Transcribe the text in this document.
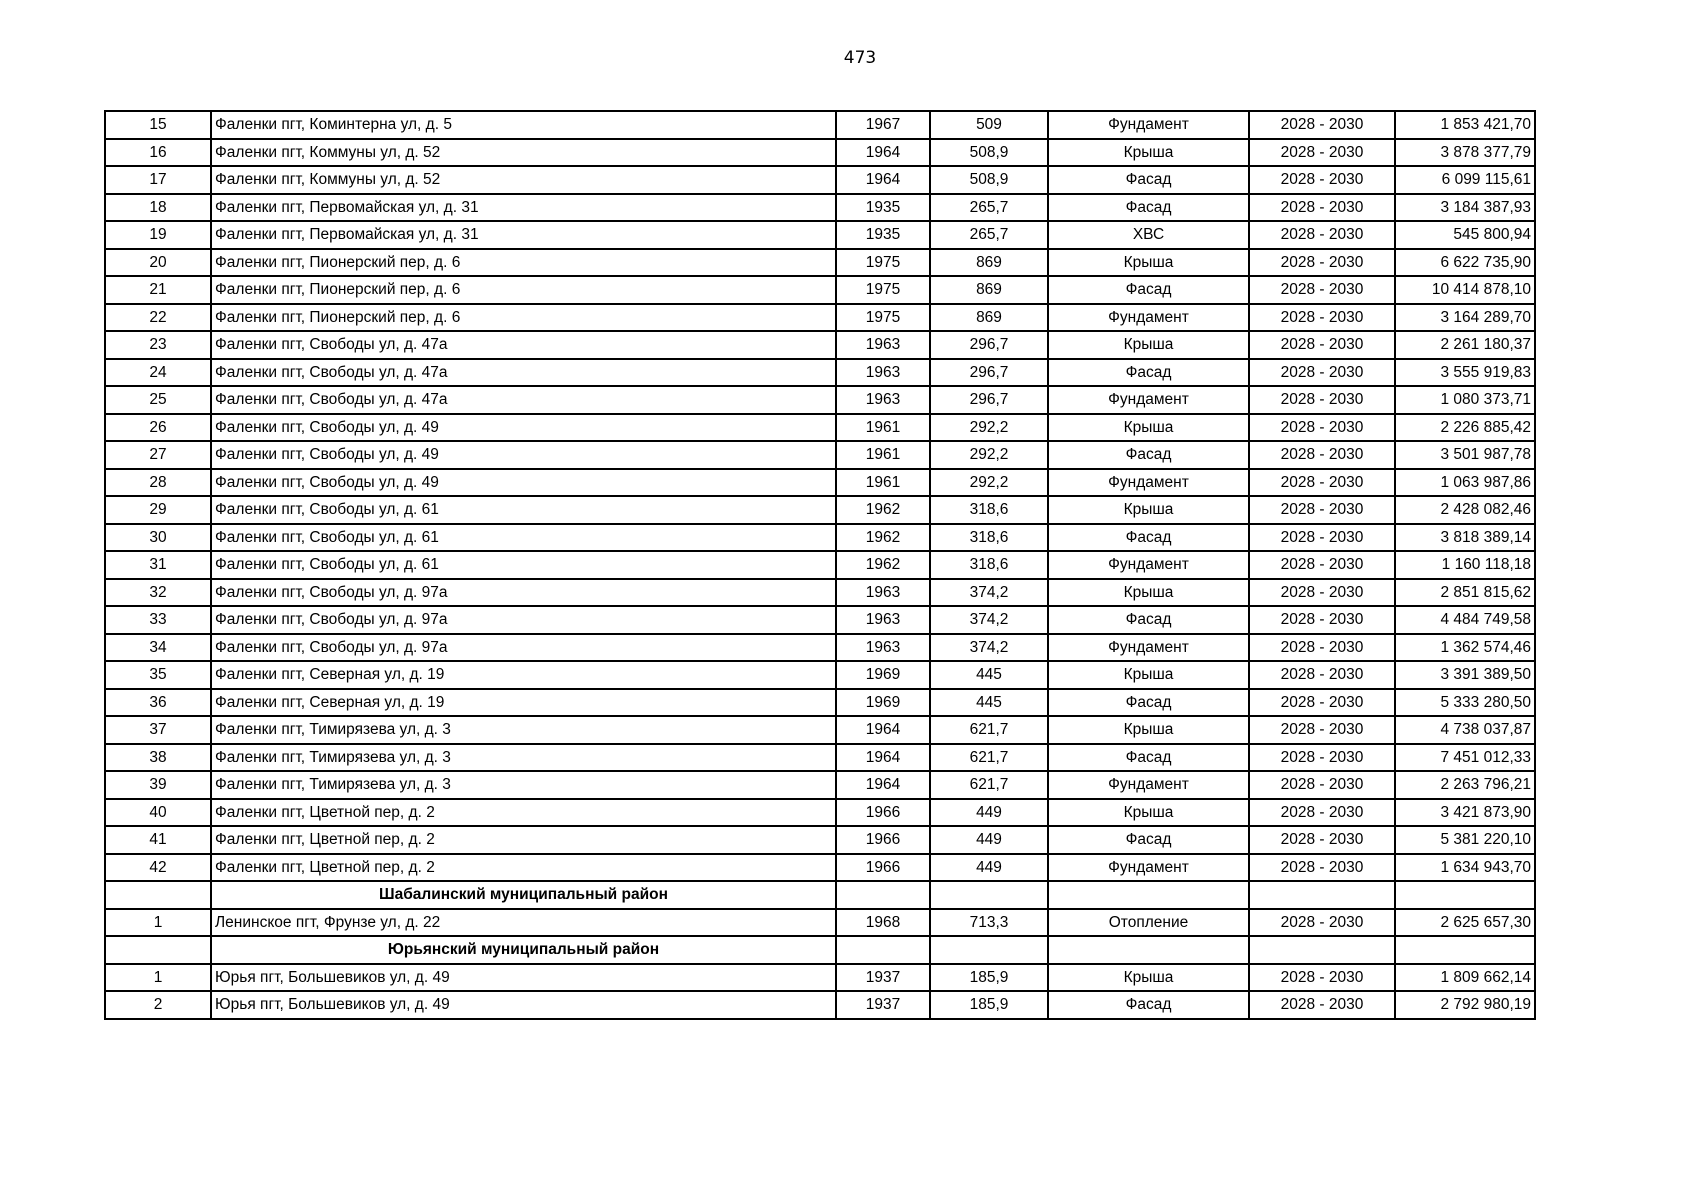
473
15	Фаленки пгт, Коминтерна ул, д. 5	1967	509	Фундамент	2028 - 2030	1 853 421,70
16	Фаленки пгт, Коммуны ул, д. 52	1964	508,9	Крыша	2028 - 2030	3 878 377,79
17	Фаленки пгт, Коммуны ул, д. 52	1964	508,9	Фасад	2028 - 2030	6 099 115,61
18	Фаленки пгт, Первомайская ул, д. 31	1935	265,7	Фасад	2028 - 2030	3 184 387,93
19	Фаленки пгт, Первомайская ул, д. 31	1935	265,7	ХВС	2028 - 2030	545 800,94
20	Фаленки пгт, Пионерский пер, д. 6	1975	869	Крыша	2028 - 2030	6 622 735,90
21	Фаленки пгт, Пионерский пер, д. 6	1975	869	Фасад	2028 - 2030	10 414 878,10
22	Фаленки пгт, Пионерский пер, д. 6	1975	869	Фундамент	2028 - 2030	3 164 289,70
23	Фаленки пгт, Свободы ул, д. 47а	1963	296,7	Крыша	2028 - 2030	2 261 180,37
24	Фаленки пгт, Свободы ул, д. 47а	1963	296,7	Фасад	2028 - 2030	3 555 919,83
25	Фаленки пгт, Свободы ул, д. 47а	1963	296,7	Фундамент	2028 - 2030	1 080 373,71
26	Фаленки пгт, Свободы ул, д. 49	1961	292,2	Крыша	2028 - 2030	2 226 885,42
27	Фаленки пгт, Свободы ул, д. 49	1961	292,2	Фасад	2028 - 2030	3 501 987,78
28	Фаленки пгт, Свободы ул, д. 49	1961	292,2	Фундамент	2028 - 2030	1 063 987,86
29	Фаленки пгт, Свободы ул, д. 61	1962	318,6	Крыша	2028 - 2030	2 428 082,46
30	Фаленки пгт, Свободы ул, д. 61	1962	318,6	Фасад	2028 - 2030	3 818 389,14
31	Фаленки пгт, Свободы ул, д. 61	1962	318,6	Фундамент	2028 - 2030	1 160 118,18
32	Фаленки пгт, Свободы ул, д. 97а	1963	374,2	Крыша	2028 - 2030	2 851 815,62
33	Фаленки пгт, Свободы ул, д. 97а	1963	374,2	Фасад	2028 - 2030	4 484 749,58
34	Фаленки пгт, Свободы ул, д. 97а	1963	374,2	Фундамент	2028 - 2030	1 362 574,46
35	Фаленки пгт, Северная ул, д. 19	1969	445	Крыша	2028 - 2030	3 391 389,50
36	Фаленки пгт, Северная ул, д. 19	1969	445	Фасад	2028 - 2030	5 333 280,50
37	Фаленки пгт, Тимирязева ул, д. 3	1964	621,7	Крыша	2028 - 2030	4 738 037,87
38	Фаленки пгт, Тимирязева ул, д. 3	1964	621,7	Фасад	2028 - 2030	7 451 012,33
39	Фаленки пгт, Тимирязева ул, д. 3	1964	621,7	Фундамент	2028 - 2030	2 263 796,21
40	Фаленки пгт, Цветной пер, д. 2	1966	449	Крыша	2028 - 2030	3 421 873,90
41	Фаленки пгт, Цветной пер, д. 2	1966	449	Фасад	2028 - 2030	5 381 220,10
42	Фаленки пгт, Цветной пер, д. 2	1966	449	Фундамент	2028 - 2030	1 634 943,70
	Шабалинский муниципальный район					
1	Ленинское пгт, Фрунзе ул, д. 22	1968	713,3	Отопление	2028 - 2030	2 625 657,30
	Юрьянский муниципальный район					
1	Юрья пгт, Большевиков ул, д. 49	1937	185,9	Крыша	2028 - 2030	1 809 662,14
2	Юрья пгт, Большевиков ул, д. 49	1937	185,9	Фасад	2028 - 2030	2 792 980,19
